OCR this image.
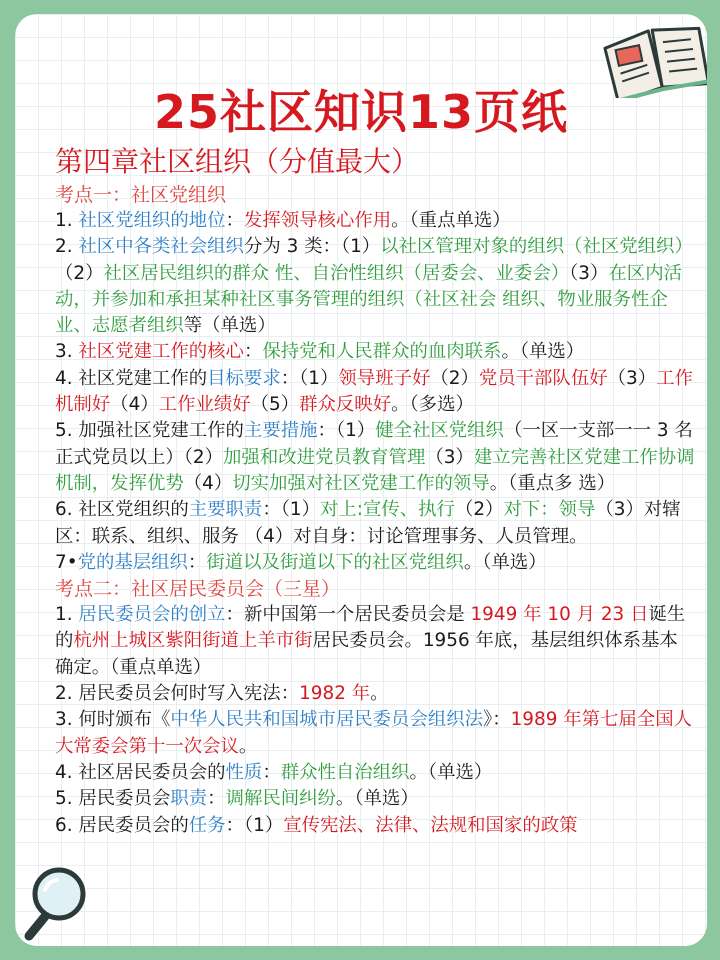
25社区知识13页纸
第四章社区组织（分值最大）
考点一：社区党组织

1. 社区党组织的地位：发挥领导核心作用。（重点单选）

2. 社区中各类社会组织分为 3 类：（1）以社区管理对象的组织（社区党组织）（2）社区居民组织的群众 性、自治性组织（居委会、业委会）（3）在区内活动，并参加和承担某种社区事务管理的组织（社区社会 组织、物业服务性企业、志愿者组织等（单选）

3. 社区党建工作的核心：保持党和人民群众的血肉联系。（单选）

4. 社区党建工作的目标要求：（1）领导班子好（2）党员干部队伍好（3）工作机制好（4）工作业绩好（5）群众反映好。（多选）

5. 加强社区党建工作的主要措施：（1）健全社区党组织（一区一支部一一 3 名正式党员以上）（2）加强和改进党员教育管理（3）建立完善社区党建工作协调机制，发挥优势（4）切实加强对社区党建工作的领导。（重点多 选）

6. 社区党组织的主要职责：（1）对上:宣传、执行（2）对下：领导（3）对辖区：联系、组织、服务 （4）对自身：讨论管理事务、人员管理。

7•党的基层组织：街道以及街道以下的社区党组织。（单选）

考点二：社区居民委员会（三星）

1. 居民委员会的创立：新中国第一个居民委员会是 1949 年 10 月 23 日诞生的杭州上城区紫阳街道上羊市街居民委员会。1956 年底，基层组织体系基本确定。（重点单选）

2. 居民委员会何时写入宪法：1982 年。

3. 何时颁布《中华人民共和国城市居民委员会组织法》：1989 年第七届全国人大常委会第十一次会议。

4. 社区居民委员会的性质：群众性自治组织。（单选）

5. 居民委员会职责：调解民间纠纷。（单选）

6. 居民委员会的任务：（1）宣传宪法、法律、法规和国家的政策
